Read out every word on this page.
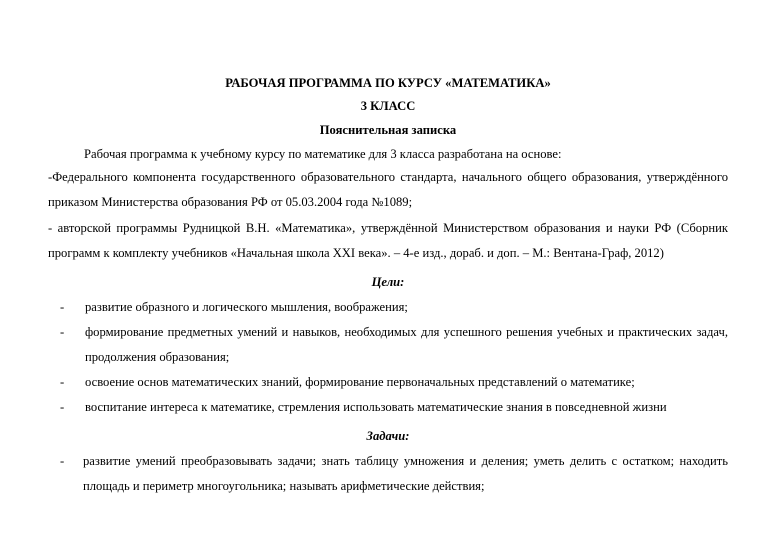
РАБОЧАЯ ПРОГРАММА ПО КУРСУ «МАТЕМАТИКА»
3 КЛАСС
Пояснительная записка
Рабочая программа к учебному курсу по математике для 3 класса разработана на основе:
-Федерального компонента государственного образовательного стандарта, начального общего образования, утверждённого приказом Министерства образования РФ от 05.03.2004 года №1089;
- авторской программы Рудницкой В.Н. «Математика», утверждённой Министерством образования и науки РФ (Сборник программ к комплекту учебников «Начальная школа XXI века». – 4-е изд., дораб. и доп. – М.: Вентана-Граф, 2012)
Цели:
- развитие образного и логического мышления, воображения;
- формирование предметных умений и навыков, необходимых для успешного решения учебных и практических задач, продолжения образования;
- освоение основ математических знаний, формирование первоначальных представлений о математике;
- воспитание интереса к математике, стремления использовать математические знания в повседневной жизни
Задачи:
- развитие умений преобразовывать задачи; знать таблицу умножения и деления; уметь делить с остатком; находить площадь и периметр многоугольника; называть арифметические действия;
